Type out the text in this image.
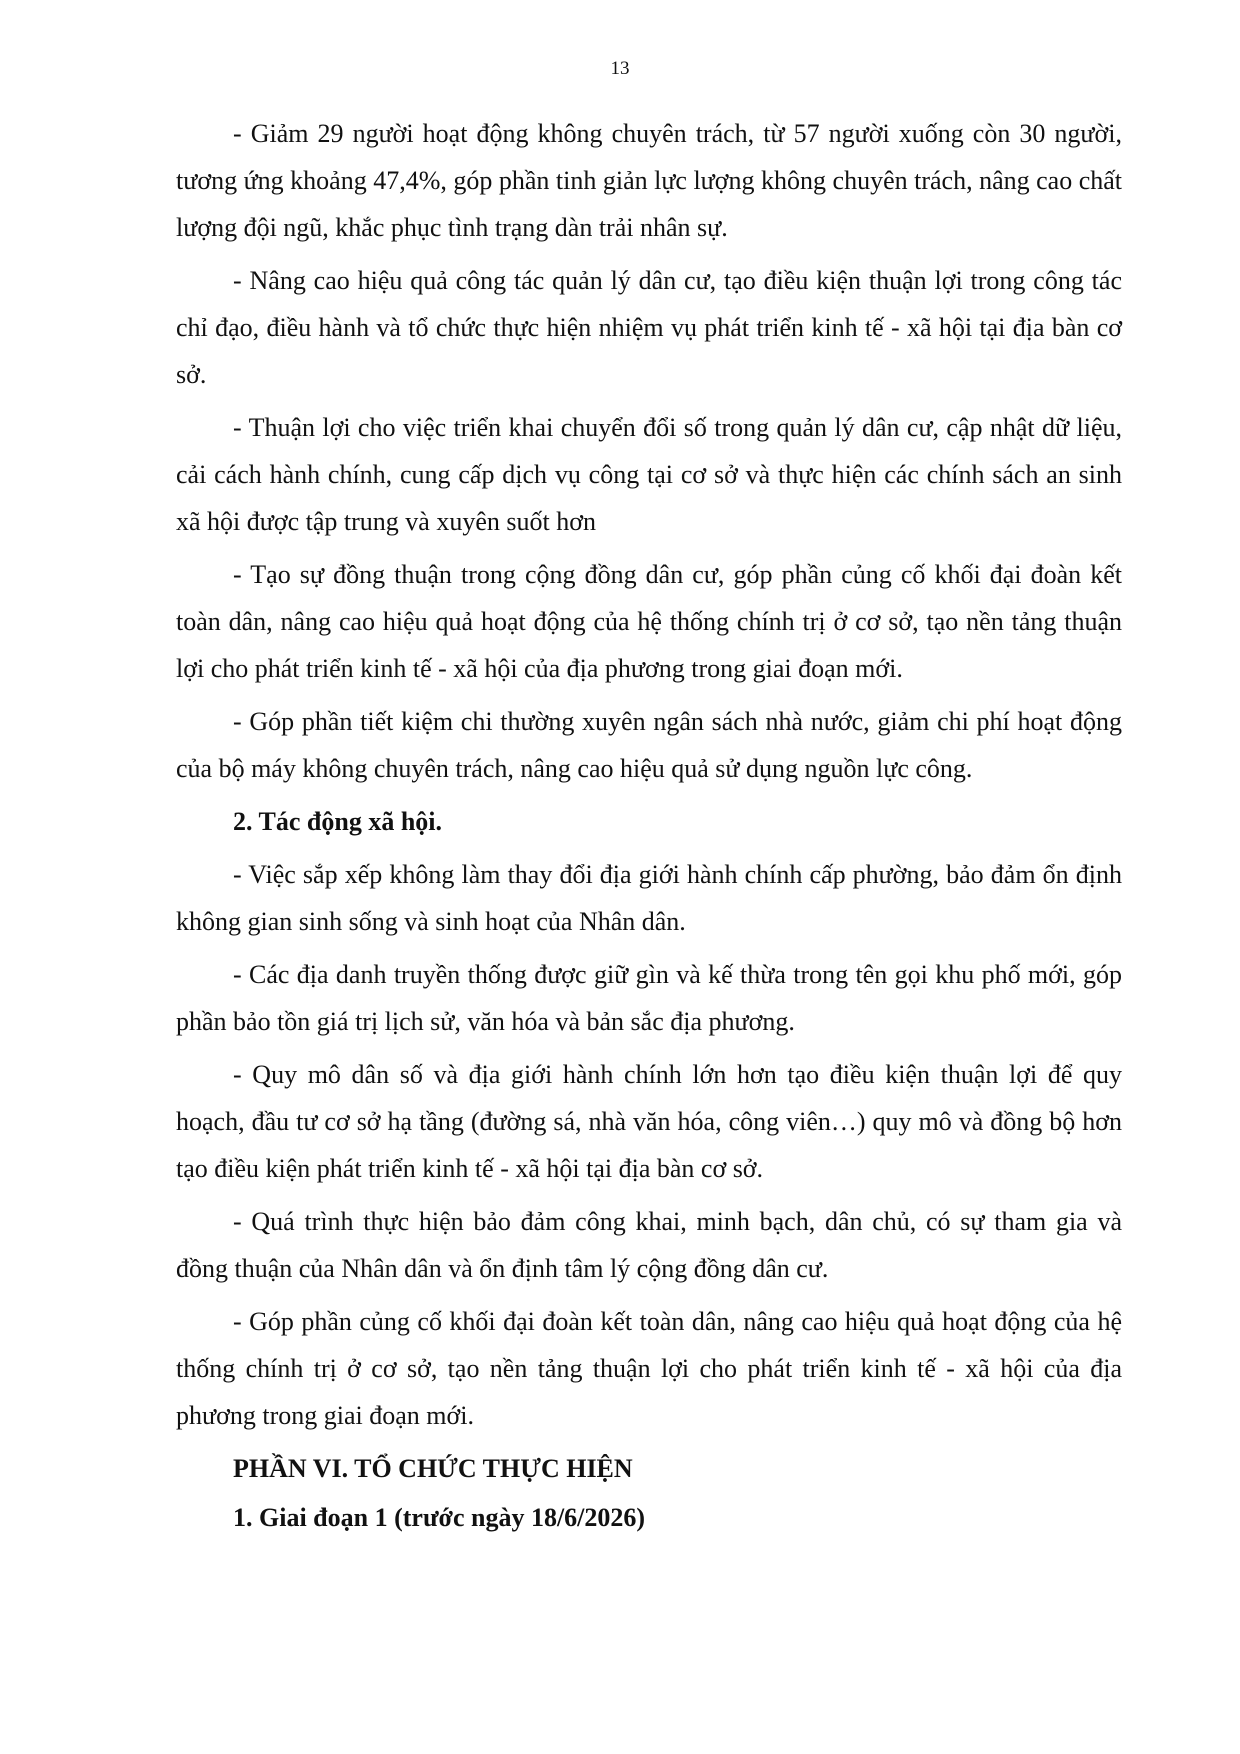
13

- Giảm 29 người hoạt động không chuyên trách, từ 57 người xuống còn 30 người, tương ứng khoảng 47,4%, góp phần tinh giản lực lượng không chuyên trách, nâng cao chất lượng đội ngũ, khắc phục tình trạng dàn trải nhân sự.

- Nâng cao hiệu quả công tác quản lý dân cư, tạo điều kiện thuận lợi trong công tác chỉ đạo, điều hành và tổ chức thực hiện nhiệm vụ phát triển kinh tế - xã hội tại địa bàn cơ sở.

- Thuận lợi cho việc triển khai chuyển đổi số trong quản lý dân cư, cập nhật dữ liệu, cải cách hành chính, cung cấp dịch vụ công tại cơ sở và thực hiện các chính sách an sinh xã hội được tập trung và xuyên suốt hơn

- Tạo sự đồng thuận trong cộng đồng dân cư, góp phần củng cố khối đại đoàn kết toàn dân, nâng cao hiệu quả hoạt động của hệ thống chính trị ở cơ sở, tạo nền tảng thuận lợi cho phát triển kinh tế - xã hội của địa phương trong giai đoạn mới.

- Góp phần tiết kiệm chi thường xuyên ngân sách nhà nước, giảm chi phí hoạt động của bộ máy không chuyên trách, nâng cao hiệu quả sử dụng nguồn lực công.

2. Tác động xã hội.

- Việc sắp xếp không làm thay đổi địa giới hành chính cấp phường, bảo đảm ổn định không gian sinh sống và sinh hoạt của Nhân dân.

- Các địa danh truyền thống được giữ gìn và kế thừa trong tên gọi khu phố mới, góp phần bảo tồn giá trị lịch sử, văn hóa và bản sắc địa phương.

- Quy mô dân số và địa giới hành chính lớn hơn tạo điều kiện thuận lợi để quy hoạch, đầu tư cơ sở hạ tầng (đường sá, nhà văn hóa, công viên…) quy mô và đồng bộ hơn tạo điều kiện phát triển kinh tế - xã hội tại địa bàn cơ sở.

- Quá trình thực hiện bảo đảm công khai, minh bạch, dân chủ, có sự tham gia và đồng thuận của Nhân dân và ổn định tâm lý cộng đồng dân cư.

- Góp phần củng cố khối đại đoàn kết toàn dân, nâng cao hiệu quả hoạt động của hệ thống chính trị ở cơ sở, tạo nền tảng thuận lợi cho phát triển kinh tế - xã hội của địa phương trong giai đoạn mới.

PHẦN VI. TỔ CHỨC THỰC HIỆN

1. Giai đoạn 1 (trước ngày 18/6/2026)
